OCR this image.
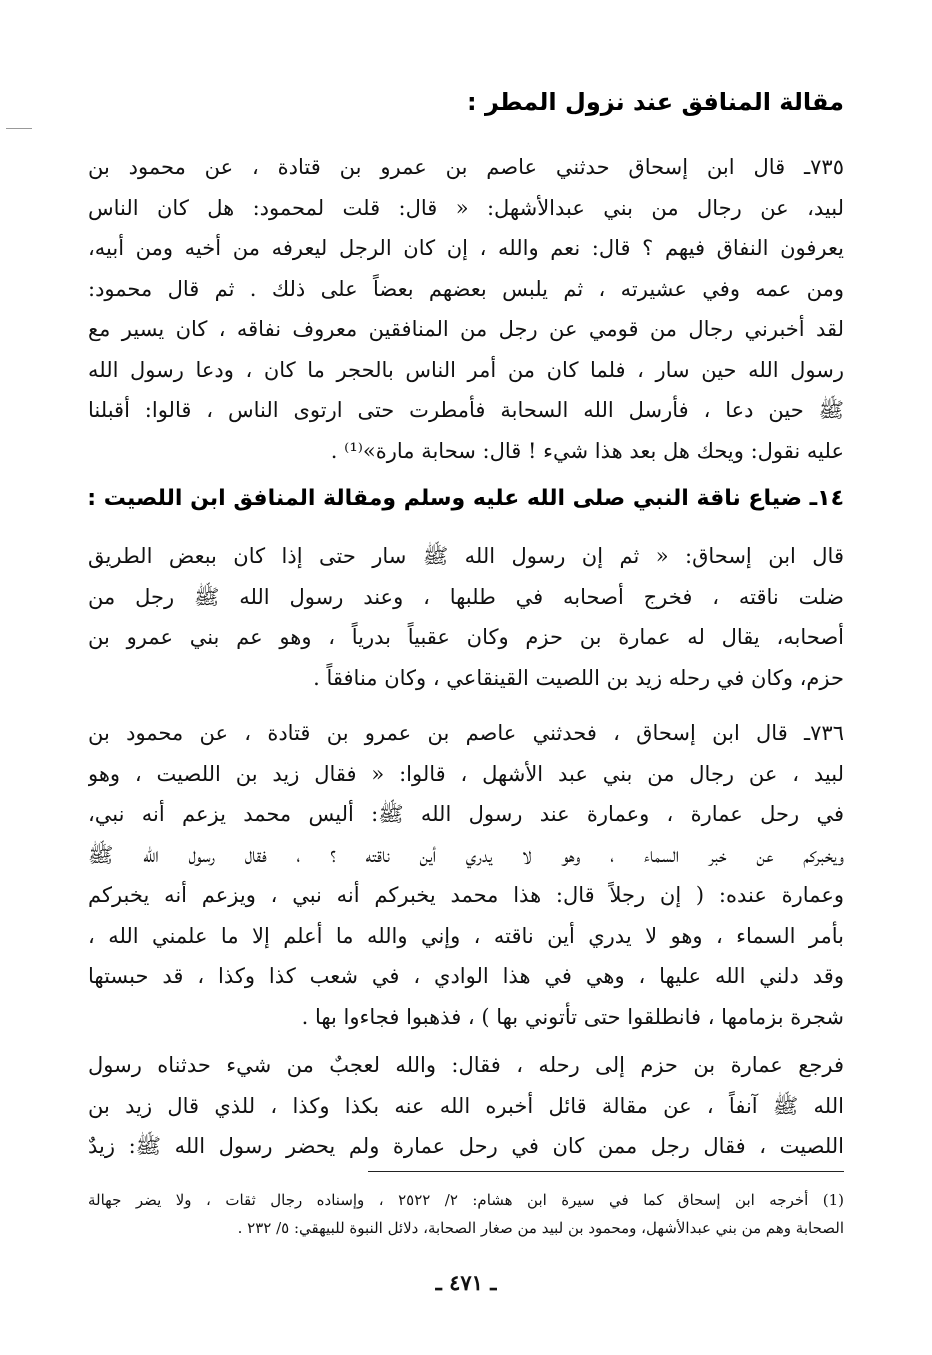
مقالة المنافق عند نزول المطر :
٧٣٥ـ قال ابن إسحاق حدثني عاصم بن عمرو بن قتادة ، عن محمود بن
لبيد، عن رجال من بني عبدالأشهل: « قال: قلت لمحمود: هل كان الناس
يعرفون النفاق فيهم ؟ قال: نعم والله ، إن كان الرجل ليعرفه من أخيه ومن أبيه،
ومن عمه وفي عشيرته ، ثم يلبس بعضهم بعضاً على ذلك . ثم قال محمود:
لقد أخبرني رجال من قومي عن رجل من المنافقين معروف نفاقه ، كان يسير مع
رسول الله حين سار ، فلما كان من أمر الناس بالحجر ما كان ، ودعا رسول الله
ﷺ حين دعا ، فأرسل الله السحابة فأمطرت حتى ارتوى الناس ، قالوا: أقبلنا
عليه نقول: ويحك هل بعد هذا شيء ! قال: سحابة مارة»⁽¹⁾ .
١٤ـ ضياع ناقة النبي صلى الله عليه وسلم ومقالة المنافق ابن اللصيت :
قال ابن إسحاق: « ثم إن رسول الله ﷺ سار حتى إذا كان ببعض الطريق
ضلت ناقته ، فخرج أصحابه في طلبها ، وعند رسول الله ﷺ رجل من
أصحابه، يقال له عمارة بن حزم وكان عقبياً بدرياً ، وهو عم بني عمرو بن
حزم، وكان في رحله زيد بن اللصيت القينقاعي ، وكان منافقاً .
٧٣٦ـ قال ابن إسحاق ، فحدثني عاصم بن عمرو بن قتادة ، عن محمود بن
لبيد ، عن رجال من بني عبد الأشهل ، قالوا: « فقال زيد بن اللصيت ، وهو
في رحل عمارة ، وعمارة عند رسول الله ﷺ: أليس محمد يزعم أنه نبي،
ويخبركم عن خبر السماء ، وهو لا يدري أين ناقته ؟ ، فقال رسول الله ﷺ
وعمارة عنده: ( إن رجلاً قال: هذا محمد يخبركم أنه نبي ، ويزعم أنه يخبركم
بأمر السماء ، وهو لا يدري أين ناقته ، وإني والله ما أعلم إلا ما علمني الله ،
وقد دلني الله عليها ، وهي في هذا الوادي ، في شعب كذا وكذا ، قد حبستها
شجرة بزمامها ، فانطلقوا حتى تأتوني بها ) ، فذهبوا فجاءوا بها .
فرجع عمارة بن حزم إلى رحله ، فقال: والله لعجبٌ من شيء حدثناه رسول
الله ﷺ آنفاً ، عن مقالة قائل أخبره الله عنه بكذا وكذا ، للذي قال زيد بن
اللصيت ، فقال رجل ممن كان في رحل عمارة ولم يحضر رسول الله ﷺ: زيدٌ
(1) أخرجه ابن إسحاق كما في سيرة ابن هشام: ٢/ ٢٥٢٢ ، وإسناده رجال ثقات ، ولا يضر جهالة
الصحابة وهم من بني عبدالأشهل، ومحمود بن لبيد من صغار الصحابة، دلائل النبوة للبيهقي: ٥/ ٢٣٢ .
ـ ٤٧١ ـ
